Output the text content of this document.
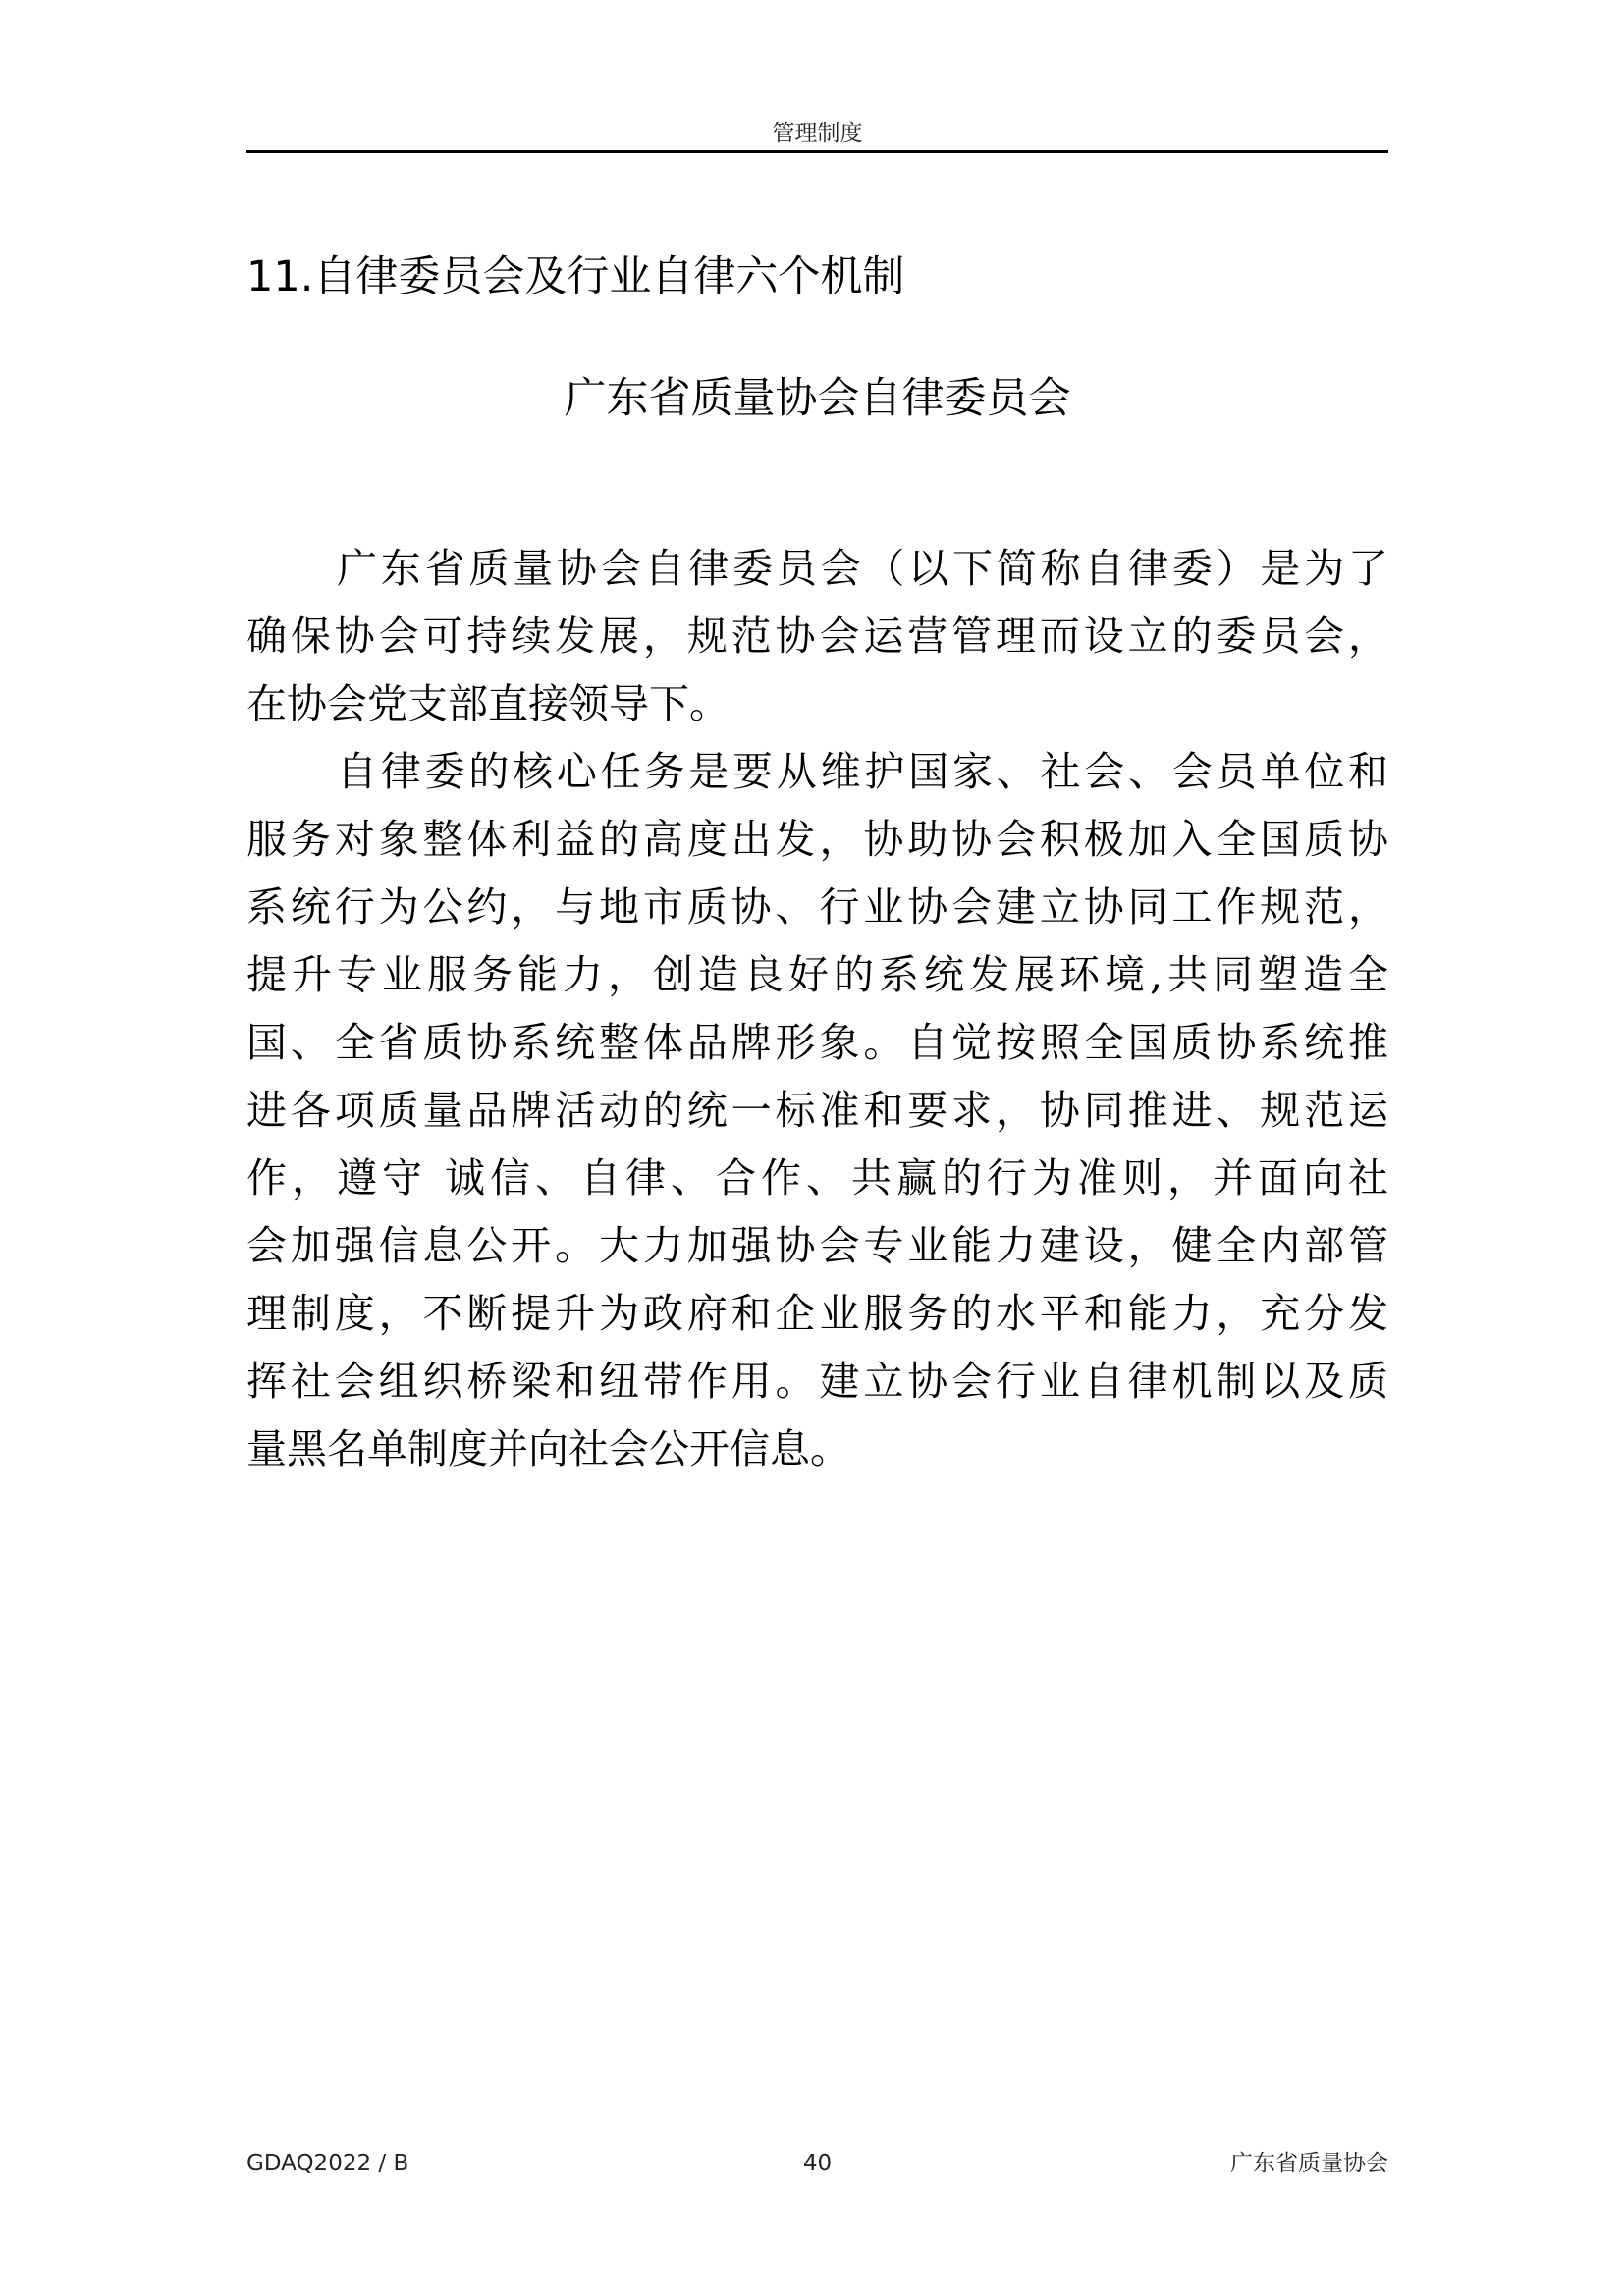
管理制度
11.自律委员会及行业自律六个机制
广东省质量协会自律委员会
广东省质量协会自律委员会（以下简称自律委）是为了
确保协会可持续发展，规范协会运营管理而设立的委员会，
在协会党支部直接领导下。
自律委的核心任务是要从维护国家、社会、会员单位和
服务对象整体利益的高度出发，协助协会积极加入全国质协
系统行为公约，与地市质协、行业协会建立协同工作规范，
提升专业服务能力，创造良好的系统发展环境,共同塑造全
国、全省质协系统整体品牌形象。自觉按照全国质协系统推
进各项质量品牌活动的统一标准和要求，协同推进、规范运
作，遵守 诚信、自律、合作、共赢的行为准则，并面向社
会加强信息公开。大力加强协会专业能力建设，健全内部管
理制度，不断提升为政府和企业服务的水平和能力，充分发
挥社会组织桥梁和纽带作用。建立协会行业自律机制以及质
量黑名单制度并向社会公开信息。
GDAQ2022 / B	40	广东省质量协会
